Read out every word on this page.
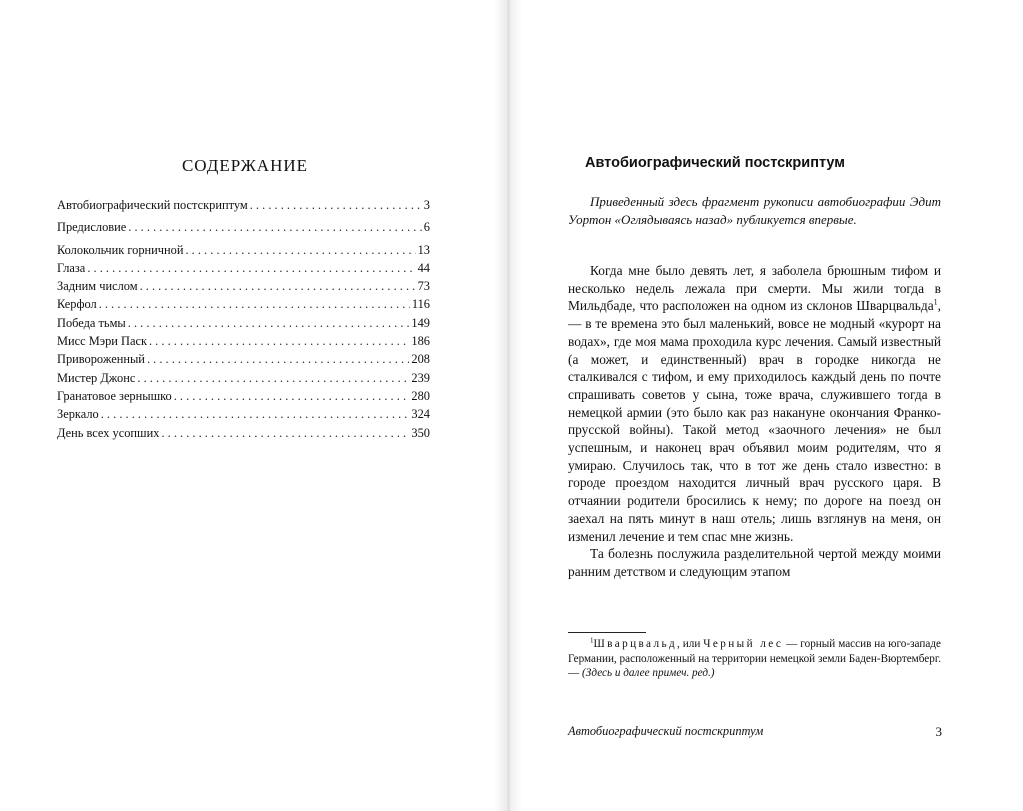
СОДЕРЖАНИЕ
Автобиографический постскриптум . . .	3
Предисловие . . .	6
Колокольчик горничной . . .	13
Глаза . . .	44
Задним числом . . .	73
Керфол . . .	116
Победа тьмы . . .	149
Мисс Мэри Паск . . .	186
Привороженный . . .	208
Мистер Джонс . . .	239
Гранатовое зернышко . . .	280
Зеркало . . .	324
День всех усопших . . .	350
Автобиографический постскриптум
Приведенный здесь фрагмент рукописи автобиографии Эдит Уортон «Оглядываясь назад» публикуется впервые.

Когда мне было девять лет, я заболела брюшным тифом и несколько недель лежала при смерти. Мы жили тогда в Мильдбаде, что расположен на одном из склонов Шварцвальда$^1$, — в те времена это был маленький, вовсе не модный «курорт на водах», где моя мама проходила курс лечения. Самый известный (а может, и единственный) врач в городке никогда не сталкивался с тифом, и ему приходилось каждый день по почте спрашивать советов у сына, тоже врача, служившего тогда в немецкой армии (это было как раз накануне окончания Франко-прусской войны). Такой метод «заочного лечения» не был успешным, и наконец врач объявил моим родителям, что я умираю. Случилось так, что в тот же день стало известно: в городе проездом находится личный врач русского царя. В отчаянии родители бросились к нему; по дороге на поезд он заехал на пять минут в наш отель; лишь взглянув на меня, он изменил лечение и тем спас мне жизнь.

Та болезнь послужила разделительной чертой между моими ранним детством и следующим этапом

$^1$Шварцвальд, или Черный лес — горный массив на юго-западе Германии, расположенный на территории немецкой земли Баден-Вюртемберг. — (Здесь и далее примеч. ред.)
Автобиографический постскриптум	3
